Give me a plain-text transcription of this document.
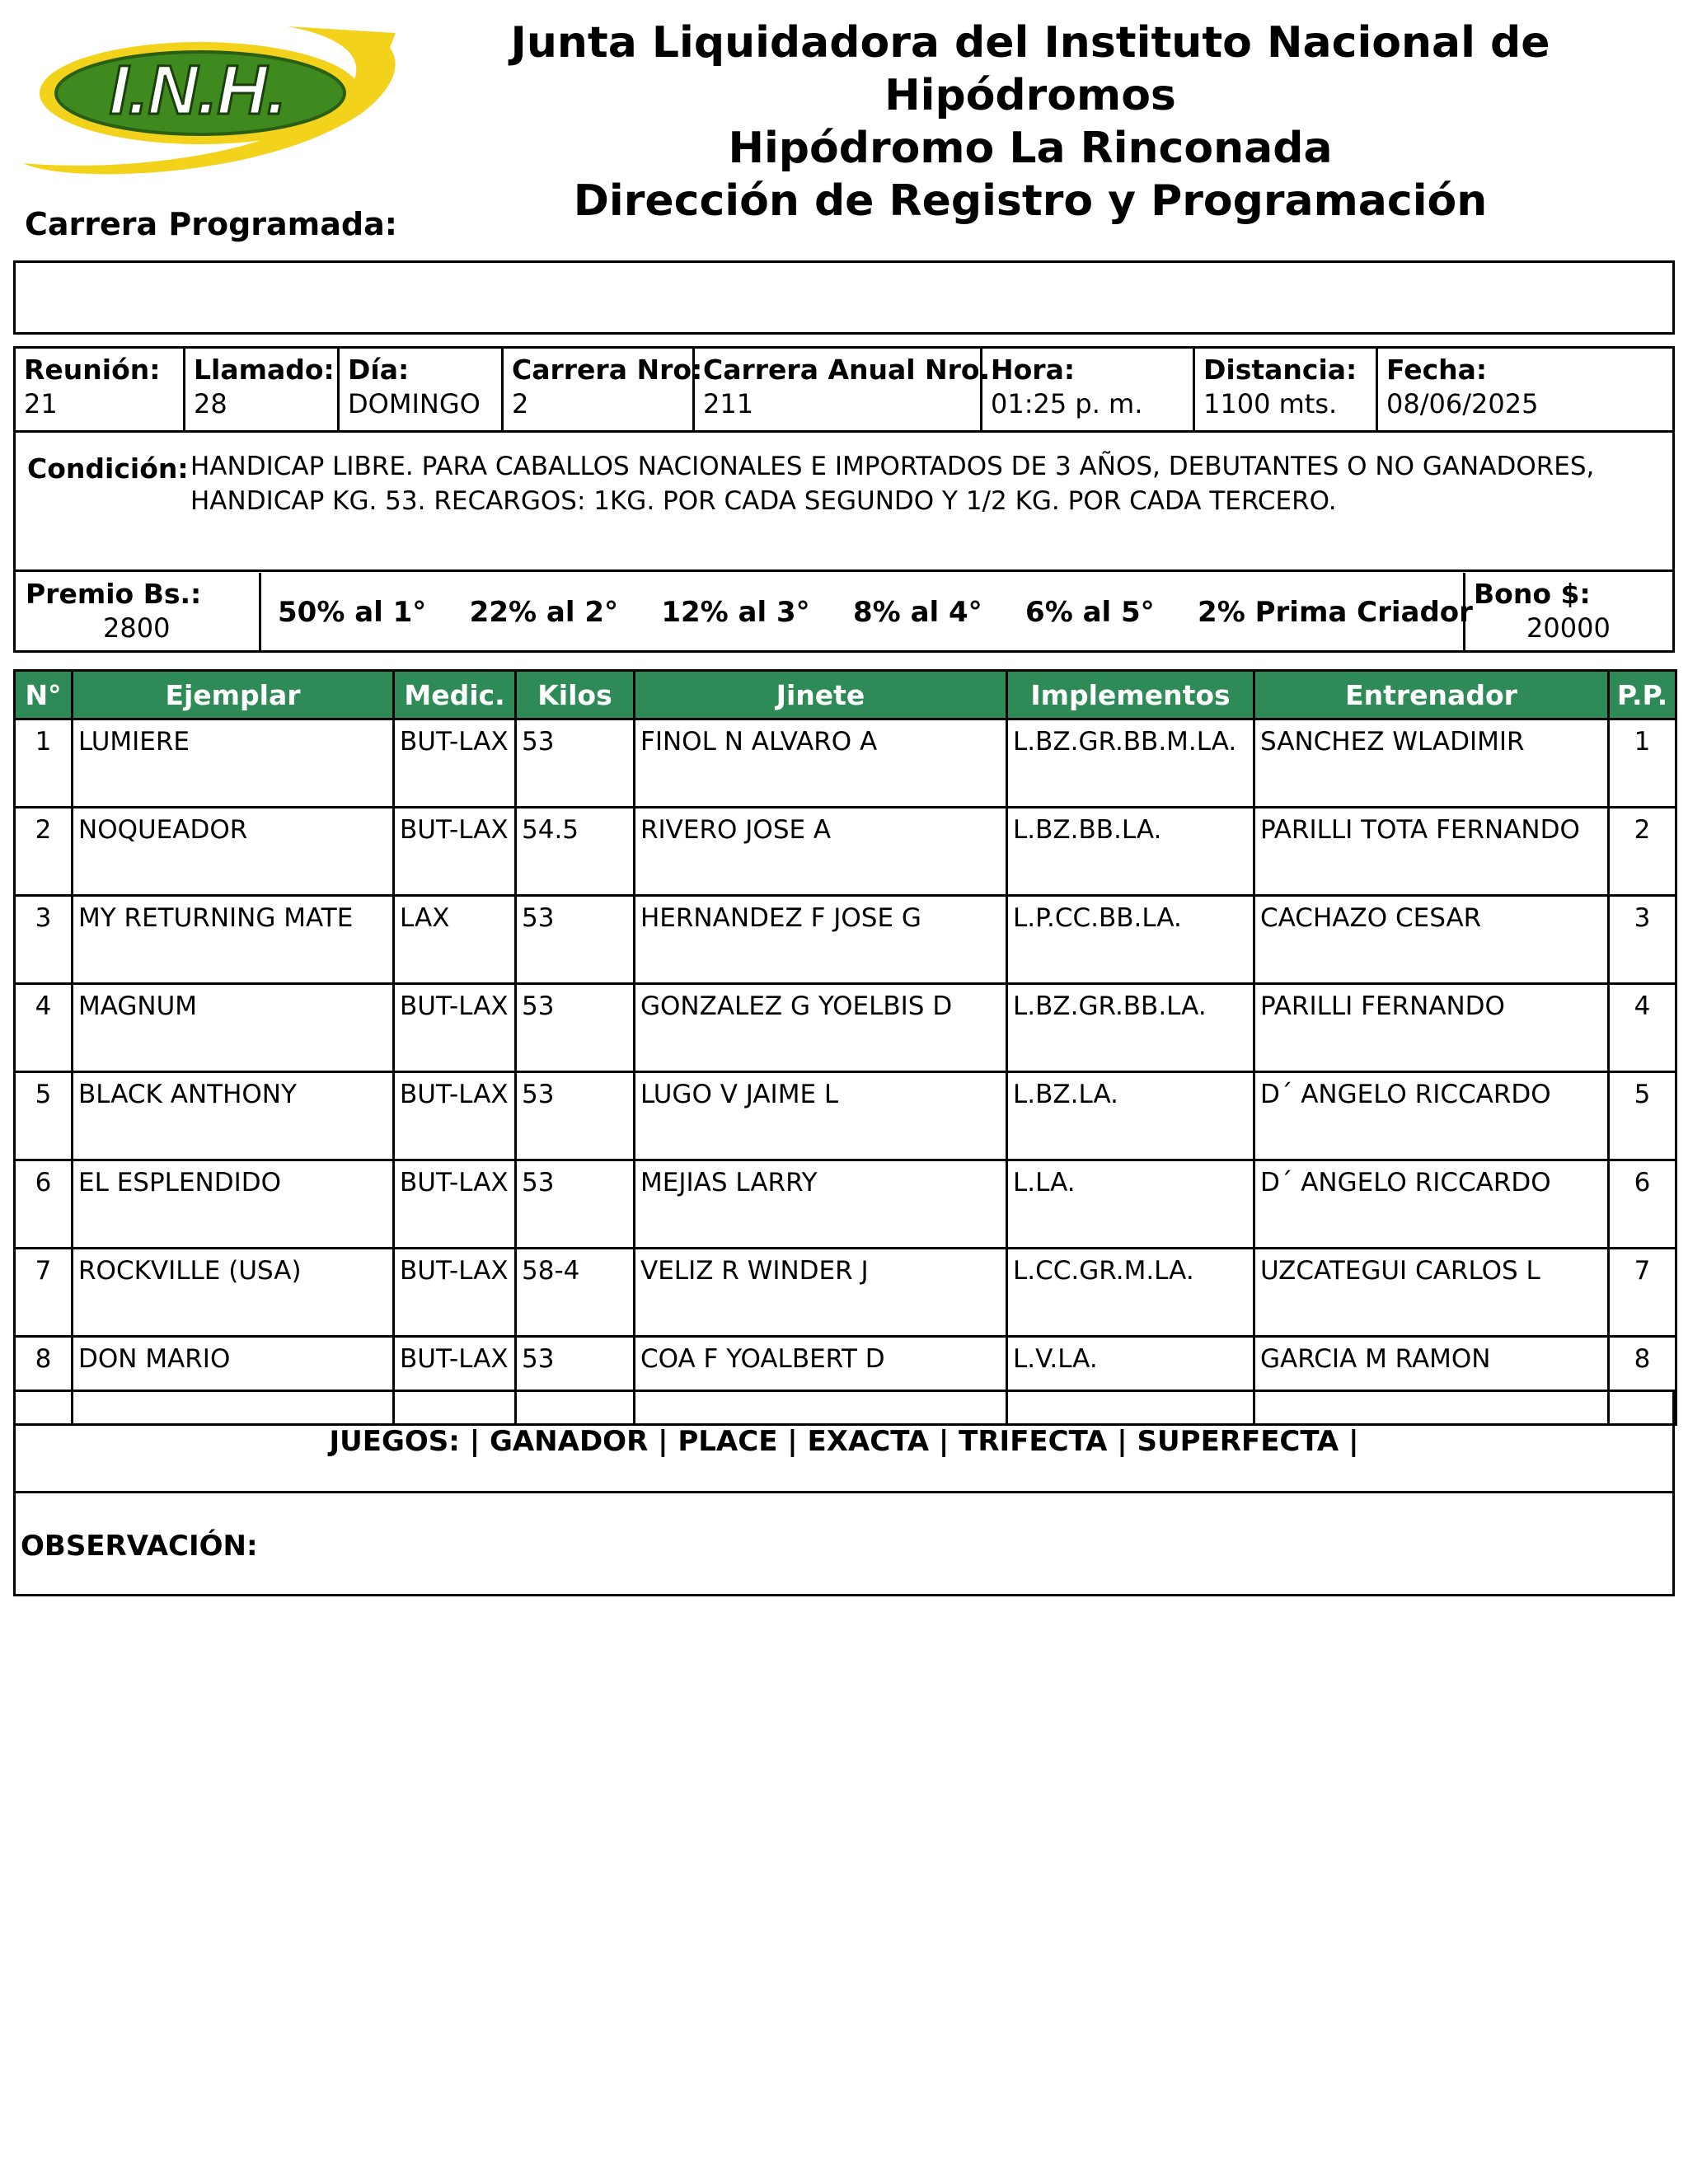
I.N.H.
Junta Liquidadora del Instituto Nacional de Hipódromos
Hipódromo La Rinconada
Dirección de Registro y Programación
Carrera Programada:
Reunión:
21
Llamado:
28
Día:
DOMINGO
Carrera Nro:
2
Carrera Anual Nro.:
211
Hora:
01:25 p. m.
Distancia:
1100 mts.
Fecha:
08/06/2025
Condición: HANDICAP LIBRE. PARA CABALLOS NACIONALES E IMPORTADOS DE 3 AÑOS, DEBUTANTES O NO GANADORES,
HANDICAP KG. 53. RECARGOS: 1KG. POR CADA SEGUNDO Y 1/2 KG. POR CADA TERCERO.
Premio Bs.:
2800	50% al 1° 22% al 2° 12% al 3° 8% al 4° 6% al 5° 2% Prima Criador
Bono $:
20000
N°	Ejemplar	Medic.	Kilos	Jinete	Implementos	Entrenador	P.P.
1	LUMIERE	BUT-LAX	53	FINOL N ALVARO A	L.BZ.GR.BB.M.LA.	SANCHEZ WLADIMIR	1
2	NOQUEADOR	BUT-LAX	54.5	RIVERO JOSE A	L.BZ.BB.LA.	PARILLI TOTA FERNANDO	2
3	MY RETURNING MATE	LAX	53	HERNANDEZ F JOSE G	L.P.CC.BB.LA.	CACHAZO CESAR	3
4	MAGNUM	BUT-LAX	53	GONZALEZ G YOELBIS D	L.BZ.GR.BB.LA.	PARILLI FERNANDO	4
5	BLACK ANTHONY	BUT-LAX	53	LUGO V JAIME L	L.BZ.LA.	D´ ANGELO RICCARDO	5
6	EL ESPLENDIDO	BUT-LAX	53	MEJIAS LARRY	L.LA.	D´ ANGELO RICCARDO	6
7	ROCKVILLE (USA)	BUT-LAX	58-4	VELIZ R WINDER J	L.CC.GR.M.LA.	UZCATEGUI CARLOS L	7
8	DON MARIO	BUT-LAX	53	COA F YOALBERT D	L.V.LA.	GARCIA M RAMON	8
JUEGOS: | GANADOR | PLACE | EXACTA | TRIFECTA | SUPERFECTA |
OBSERVACIÓN:
